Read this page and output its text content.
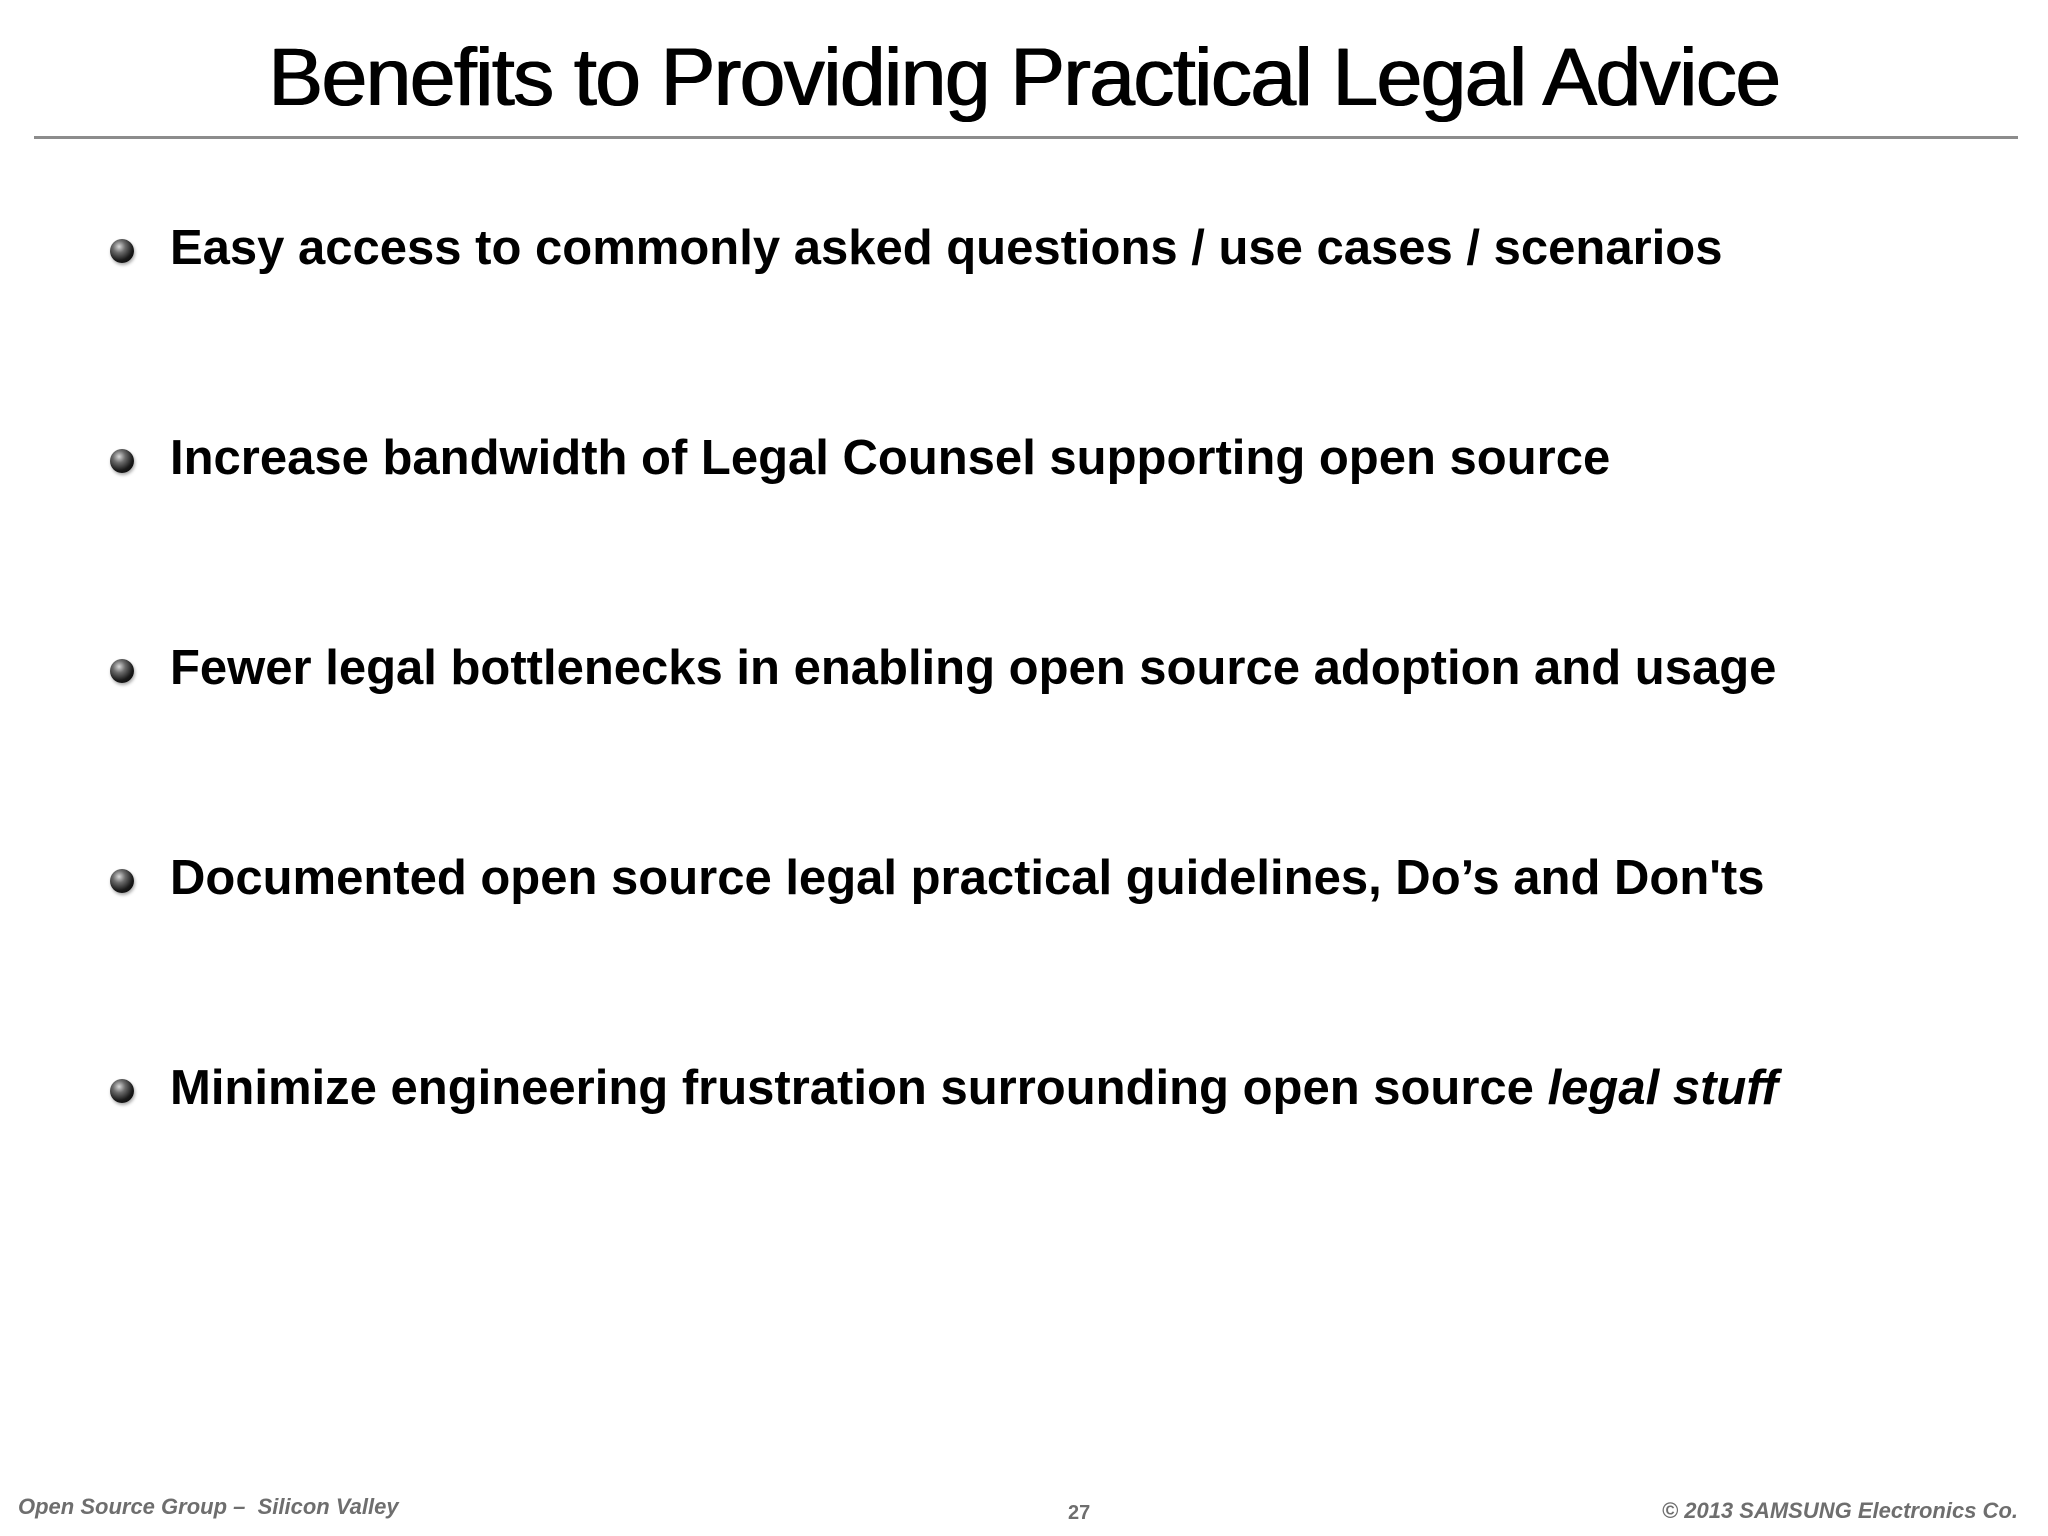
Benefits to Providing Practical Legal Advice
Easy access to commonly asked questions / use cases / scenarios
Increase bandwidth of Legal Counsel supporting open source
Fewer legal bottlenecks in enabling open source adoption and usage
Documented open source legal practical guidelines, Do’s and Don'ts
Minimize engineering frustration surrounding open source legal stuff
Open Source Group –  Silicon Valley	27	© 2013 SAMSUNG Electronics Co.
